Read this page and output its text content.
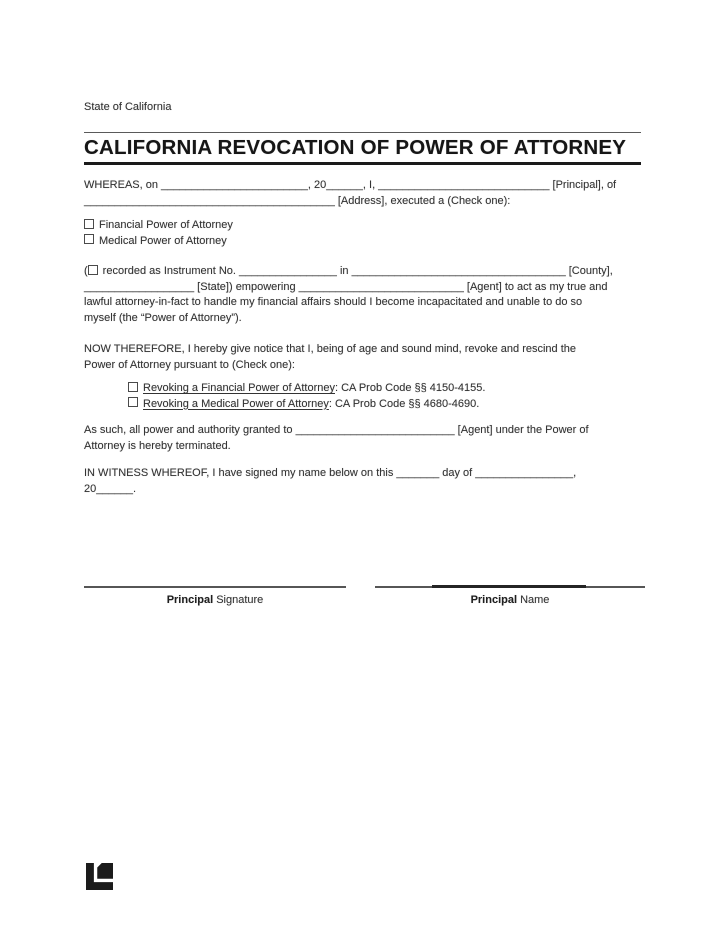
State of California
CALIFORNIA REVOCATION OF POWER OF ATTORNEY
WHEREAS, on ________________________, 20______, I, ____________________________ [Principal], of
_________________________________________ [Address], executed a (Check one):
Financial Power of Attorney
Medical Power of Attorney
( recorded as Instrument No. ________________ in ___________________________________ [County],
__________________ [State]) empowering ___________________________ [Agent] to act as my true and
lawful attorney-in-fact to handle my financial affairs should I become incapacitated and unable to do so
myself (the “Power of Attorney”).
NOW THEREFORE, I hereby give notice that I, being of age and sound mind, revoke and rescind the
Power of Attorney pursuant to (Check one):
Revoking a Financial Power of Attorney: CA Prob Code §§ 4150-4155.
Revoking a Medical Power of Attorney: CA Prob Code §§ 4680-4690.
As such, all power and authority granted to __________________________ [Agent] under the Power of
Attorney is hereby terminated.
IN WITNESS WHEREOF, I have signed my name below on this _______ day of ________________,
20______.
Principal Signature	Principal Name
